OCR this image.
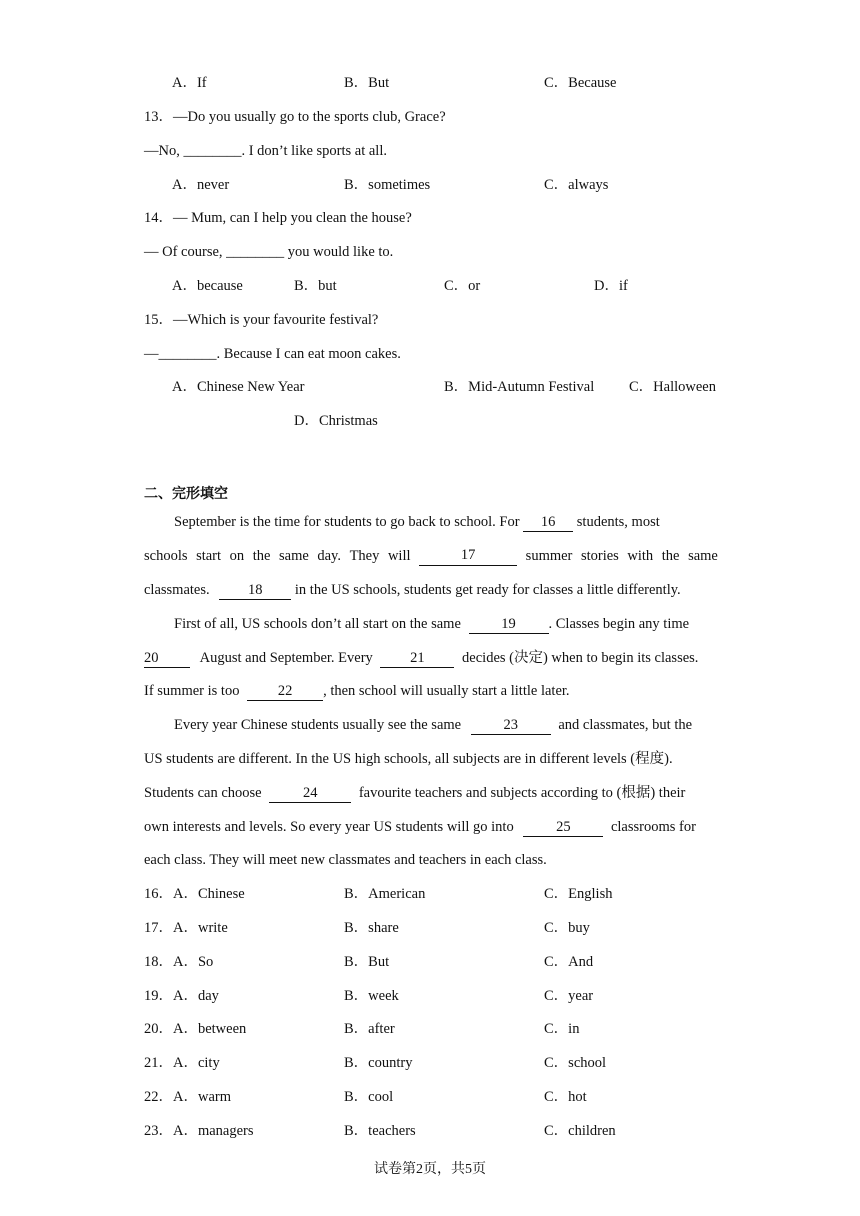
A．If	B．But	C．Because
13．—Do you usually go to the sports club, Grace?
—No, ________. I don’t like sports at all.
A．never	B．sometimes	C．always
14．— Mum, can I help you clean the house?
— Of course, ________ you would like to.
A．because	B．but	C．or	D．if
15．—Which is your favourite festival?
—________. Because I can eat moon cakes.
A．Chinese New Year	B．Mid-Autumn Festival C．Halloween
D．Christmas
二、完形填空
September is the time for students to go back to school. For 16 students, most
schools start on the same day. They will	17	summer stories with the same
classmates.	18 in the US schools, students get ready for classes a little differently.
First of all, US schools don’t all start on the same	19 . Classes begin any time
20	August and September. Every	21	decides (决定) when to begin its classes.
If summer is too	22 , then school will usually start a little later.
Every year Chinese students usually see the same	23	and classmates, but the
US students are different. In the US high schools, all subjects are in different levels (程度).
Students can choose	24	favourite teachers and subjects according to (根据) their
own interests and levels. So every year US students will go into	25	classrooms for
each class. They will meet new classmates and teachers in each class.
16．A．Chinese	B．American	C．English
17．A．write	B．share	C．buy
18．A．So	B．But	C．And
19．A．day	B．week	C．year
20．A．between	B．after	C．in
21．A．city	B．country	C．school
22．A．warm	B．cool	C．hot
23．A．managers	B．teachers	C．children
试卷第2页，共5页
